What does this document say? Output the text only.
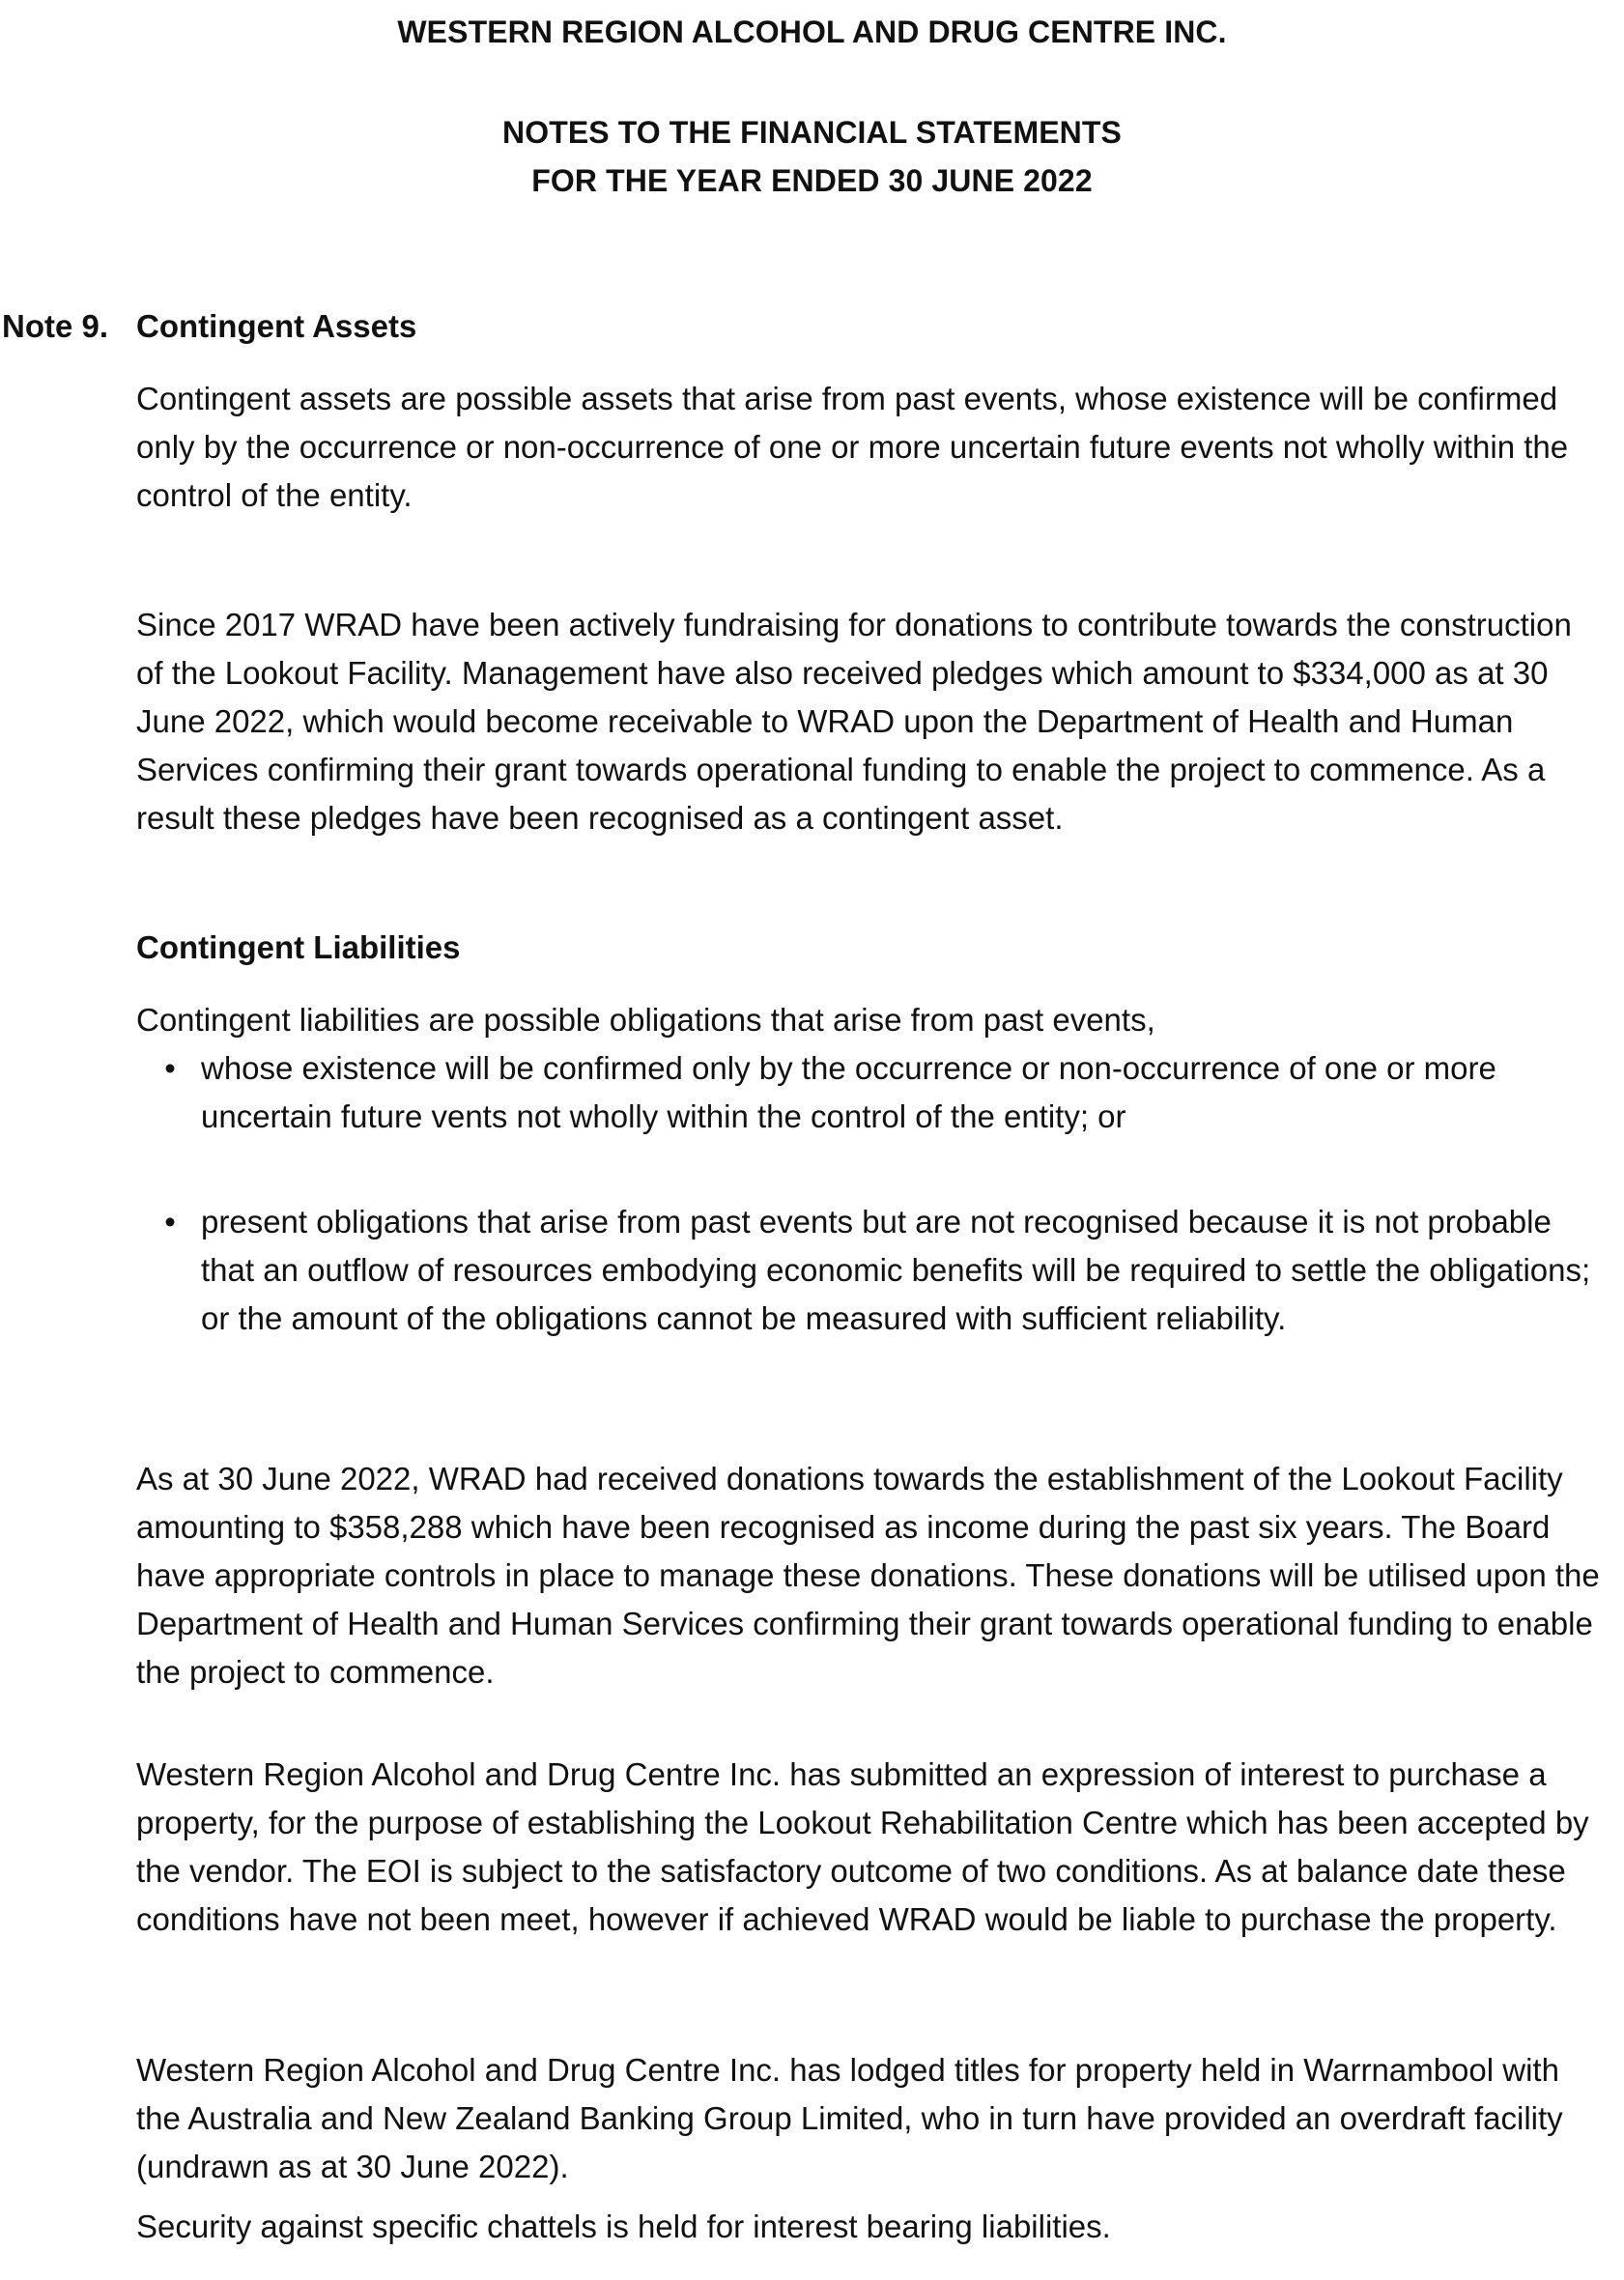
WESTERN REGION ALCOHOL AND DRUG CENTRE INC.
NOTES TO THE FINANCIAL STATEMENTS
FOR THE YEAR ENDED 30 JUNE 2022
Note 9. Contingent Assets

Contingent assets are possible assets that arise from past events, whose existence will be confirmed only by the occurrence or non-occurrence of one or more uncertain future events not wholly within the control of the entity.

Since 2017 WRAD have been actively fundraising for donations to contribute towards the construction of the Lookout Facility. Management have also received pledges which amount to $334,000 as at 30 June 2022, which would become receivable to WRAD upon the Department of Health and Human Services confirming their grant towards operational funding to enable the project to commence. As a result these pledges have been recognised as a contingent asset.

Contingent Liabilities

Contingent liabilities are possible obligations that arise from past events,

• whose existence will be confirmed only by the occurrence or non-occurrence of one or more uncertain future vents not wholly within the control of the entity; or
• present obligations that arise from past events but are not recognised because it is not probable that an outflow of resources embodying economic benefits will be required to settle the obligations; or the amount of the obligations cannot be measured with sufficient reliability.

As at 30 June 2022, WRAD had received donations towards the establishment of the Lookout Facility amounting to $358,288 which have been recognised as income during the past six years. The Board have appropriate controls in place to manage these donations. These donations will be utilised upon the Department of Health and Human Services confirming their grant towards operational funding to enable the project to commence.

Western Region Alcohol and Drug Centre Inc. has submitted an expression of interest to purchase a property, for the purpose of establishing the Lookout Rehabilitation Centre which has been accepted by the vendor. The EOI is subject to the satisfactory outcome of two conditions. As at balance date these conditions have not been meet, however if achieved WRAD would be liable to purchase the property.

Western Region Alcohol and Drug Centre Inc. has lodged titles for property held in Warrnambool with the Australia and New Zealand Banking Group Limited, who in turn have provided an overdraft facility (undrawn as at 30 June 2022).

Security against specific chattels is held for interest bearing liabilities.
